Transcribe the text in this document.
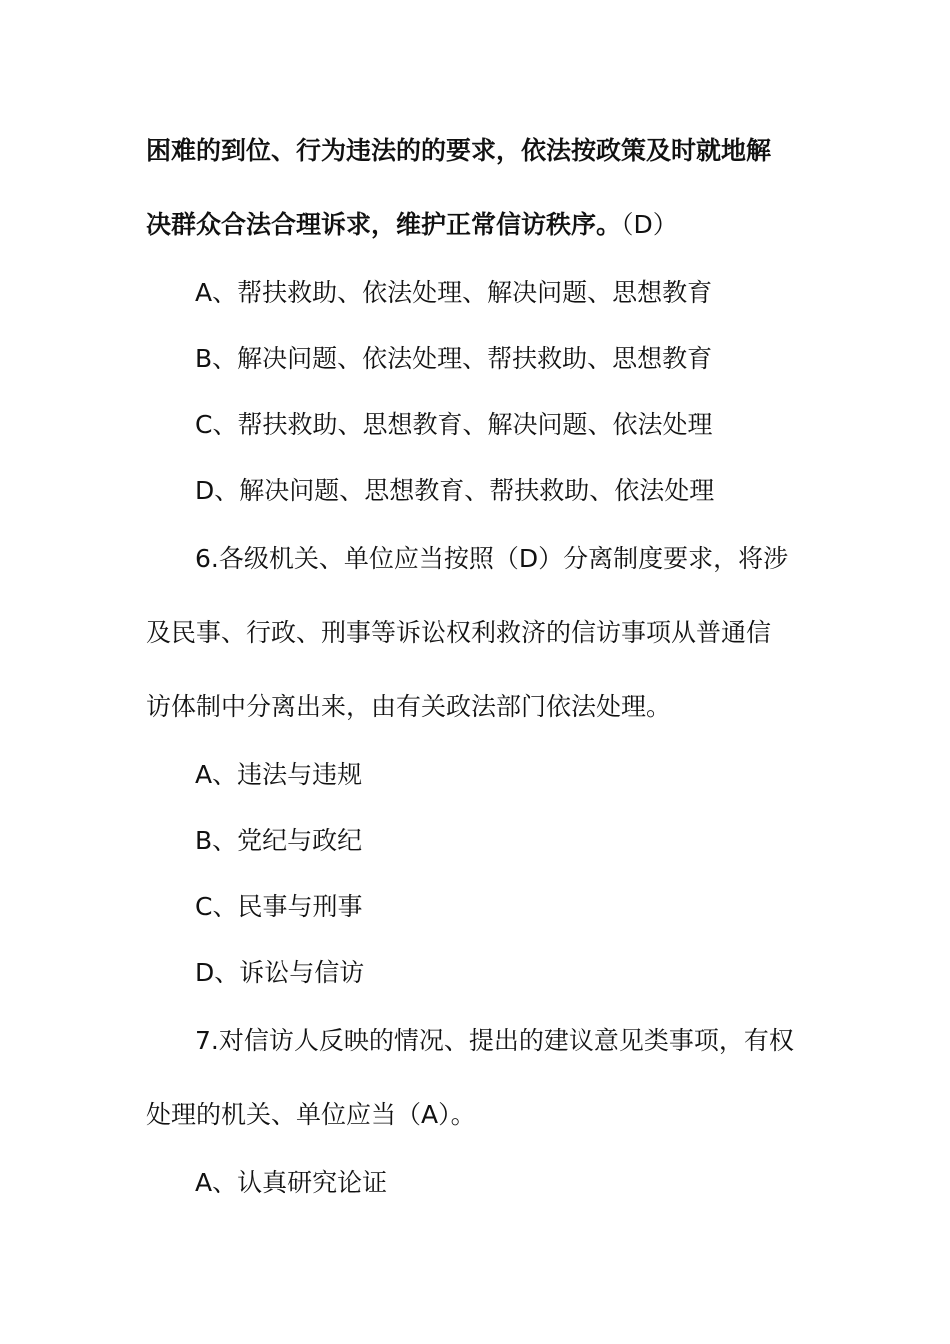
困难的到位、行为违法的的要求，依法按政策及时就地解
决群众合法合理诉求，维护正常信访秩序。（D）
A、帮扶救助、依法处理、解决问题、思想教育
B、解决问题、依法处理、帮扶救助、思想教育
C、帮扶救助、思想教育、解决问题、依法处理
D、解决问题、思想教育、帮扶救助、依法处理
6.各级机关、单位应当按照（D）分离制度要求，将涉
及民事、行政、刑事等诉讼权利救济的信访事项从普通信
访体制中分离出来，由有关政法部门依法处理。
A、违法与违规
B、党纪与政纪
C、民事与刑事
D、诉讼与信访
7.对信访人反映的情况、提出的建议意见类事项，有权
处理的机关、单位应当（A）。
A、认真研究论证
